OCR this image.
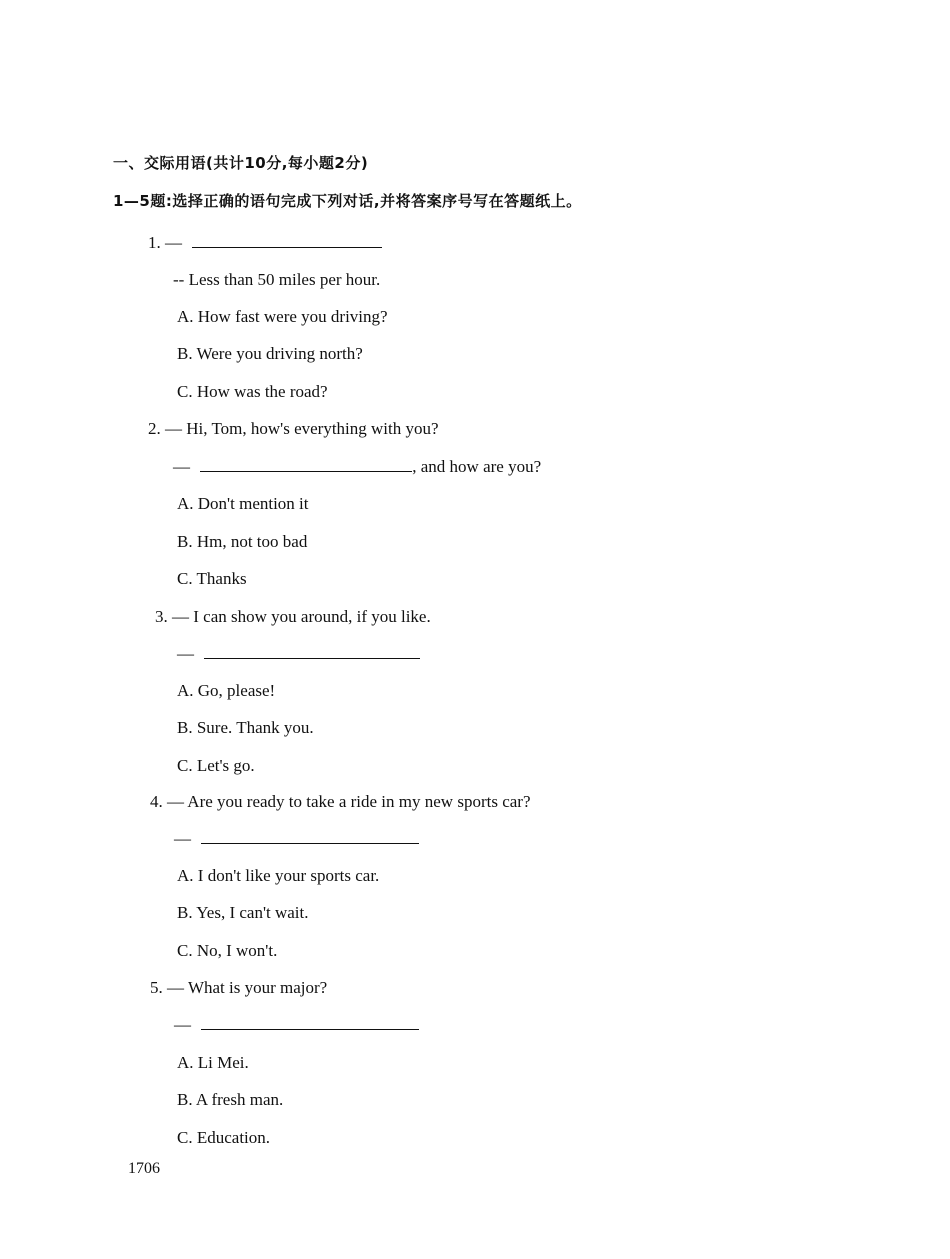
一、交际用语(共计10分,每小题2分)
1—5题:选择正确的语句完成下列对话,并将答案序号写在答题纸上。
1. —
-- Less than 50 miles per hour.
A. How fast were you driving?
B. Were you driving north?
C. How was the road?
2. — Hi, Tom, how's everything with you?
—	, and how are you?
A. Don't mention it
B. Hm, not too bad
C. Thanks
3. — I can show you around, if you like.
—
A. Go, please!
B. Sure. Thank you.
C. Let's go.
4. — Are you ready to take a ride in my new sports car?
—
A. I don't like your sports car.
B. Yes, I can't wait.
C. No, I won't.
5. — What is your major?
—
A. Li Mei.
B. A fresh man.
C. Education.
1706
